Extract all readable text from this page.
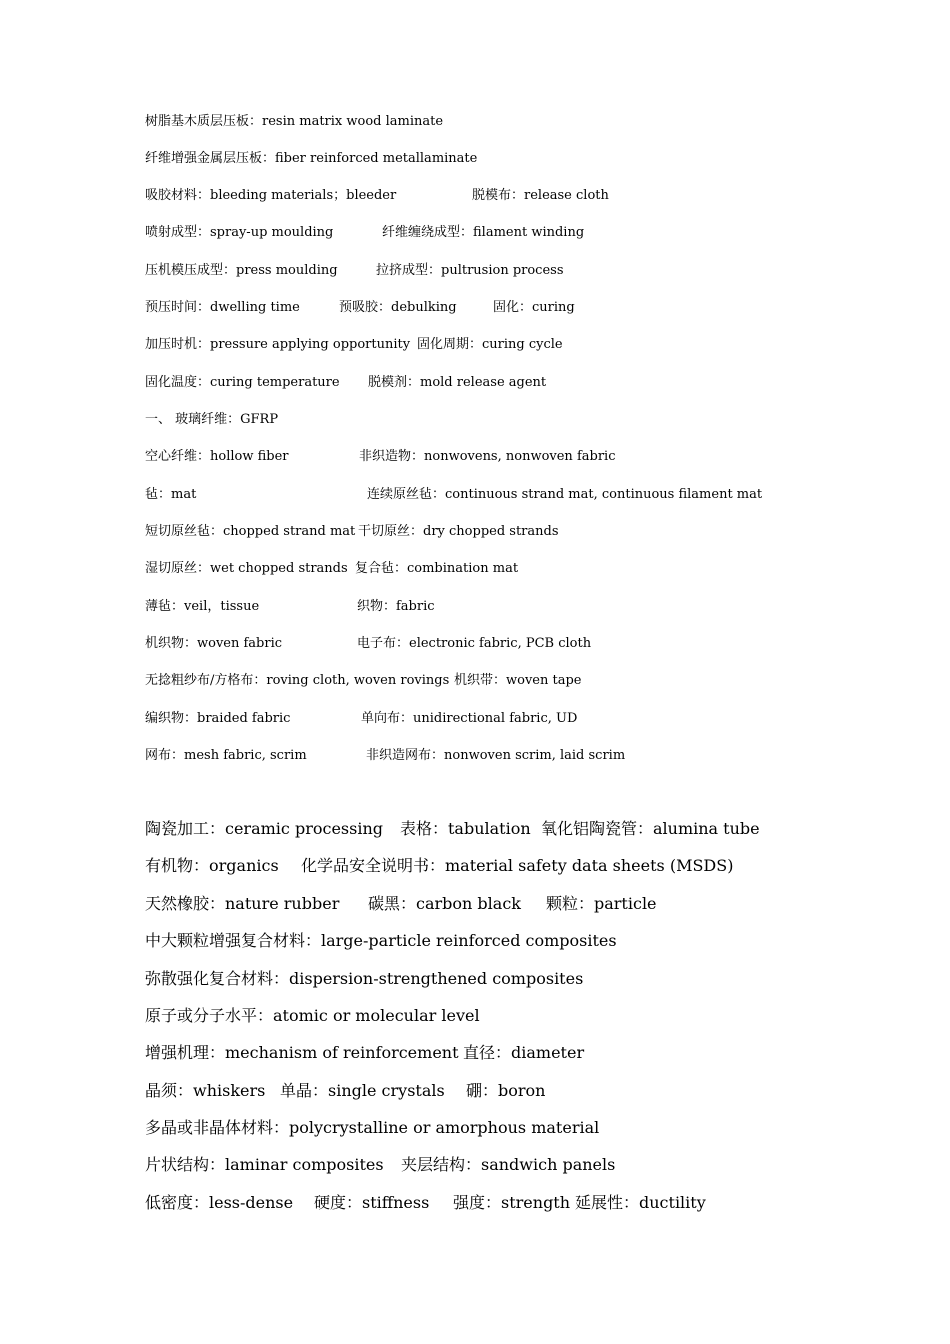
树脂基木质层压板：resin matrix wood laminate
纤维增强金属层压板：fiber reinforced metallaminate
吸胶材料：bleeding materials；bleeder	脱模布：release cloth
喷射成型：spray-up moulding	纤维缠绕成型：filament winding
压机模压成型：press moulding	拉挤成型：pultrusion process
预压时间：dwelling time	预吸胶：debulking	固化：curing
加压时机：pressure applying opportunity 固化周期：curing cycle
固化温度：curing temperature 脱模剂：mold release agent
一、 玻璃纤维：GFRP
空心纤维：hollow fiber	非织造物：nonwovens, nonwoven fabric
毡：mat	连续原丝毡：continuous strand mat, continuous filament mat
短切原丝毡：chopped strand mat 干切原丝：dry chopped strands
湿切原丝：wet chopped strands 复合毡：combination mat
薄毡：veil，tissue	织物：fabric
机织物：woven fabric	电子布：electronic fabric, PCB cloth
无捻粗纱布/方格布：roving cloth, woven rovings 机织带：woven tape
编织物：braided fabric	单向布：unidirectional fabric, UD
网布：mesh fabric, scrim	非织造网布：nonwoven scrim, laid scrim
陶瓷加工：ceramic processing 表格：tabulation 氧化铝陶瓷管：alumina tube
有机物：organics 化学品安全说明书：material safety data sheets (MSDS)
天然橡胶：nature rubber 碳黑：carbon black 颗粒：particle
中大颗粒增强复合材料：large-particle reinforced composites
弥散强化复合材料：dispersion-strengthened composites
原子或分子水平：atomic or molecular level
增强机理：mechanism of reinforcement 直径：diameter
晶须：whiskers 单晶：single crystals 硼：boron
多晶或非晶体材料：polycrystalline or amorphous material
片状结构：laminar composites 夹层结构：sandwich panels
低密度：less-dense 硬度：stiffness 强度：strength 延展性：ductility
